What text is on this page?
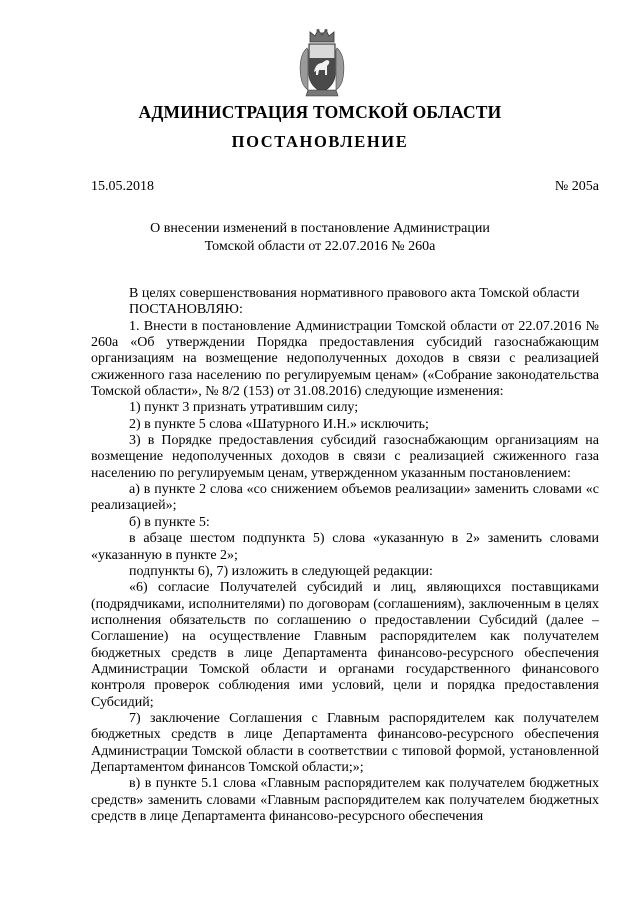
АДМИНИСТРАЦИЯ ТОМСКОЙ ОБЛАСТИ
ПОСТАНОВЛЕНИЕ
15.05.2018	№ 205а
О внесении изменений в постановление Администрации
Томской области от 22.07.2016 № 260а

В целях совершенствования нормативного правового акта Томской области

ПОСТАНОВЛЯЮ:

1. Внести в постановление Администрации Томской области от 22.07.2016 № 260а «Об утверждении Порядка предоставления субсидий газоснабжающим организациям на возмещение недополученных доходов в связи с реализацией сжиженного газа населению по регулируемым ценам» («Собрание законодательства Томской области», № 8/2 (153) от 31.08.2016) следующие изменения:

1) пункт 3 признать утратившим силу;

2) в пункте 5 слова «Шатурного И.Н.» исключить;

3) в Порядке предоставления субсидий газоснабжающим организациям на возмещение недополученных доходов в связи с реализацией сжиженного газа населению по регулируемым ценам, утвержденном указанным постановлением:

а) в пункте 2 слова «со снижением объемов реализации» заменить словами «с реализацией»;

б) в пункте 5:

в абзаце шестом подпункта 5) слова «указанную в 2» заменить словами «указанную в пункте 2»;

подпункты 6), 7) изложить в следующей редакции:

«6) согласие Получателей субсидий и лиц, являющихся поставщиками (подрядчиками, исполнителями) по договорам (соглашениям), заключенным в целях исполнения обязательств по соглашению о предоставлении Субсидий (далее – Соглашение) на осуществление Главным распорядителем как получателем бюджетных средств в лице Департамента финансово-ресурсного обеспечения Администрации Томской области и органами государственного финансового контроля проверок соблюдения ими условий, цели и порядка предоставления Субсидий;

7) заключение Соглашения с Главным распорядителем как получателем бюджетных средств в лице Департамента финансово-ресурсного обеспечения Администрации Томской области в соответствии с типовой формой, установленной Департаментом финансов Томской области;»;

в) в пункте 5.1 слова «Главным распорядителем как получателем бюджетных средств» заменить словами «Главным распорядителем как получателем бюджетных средств в лице Департамента финансово-ресурсного обеспечения
